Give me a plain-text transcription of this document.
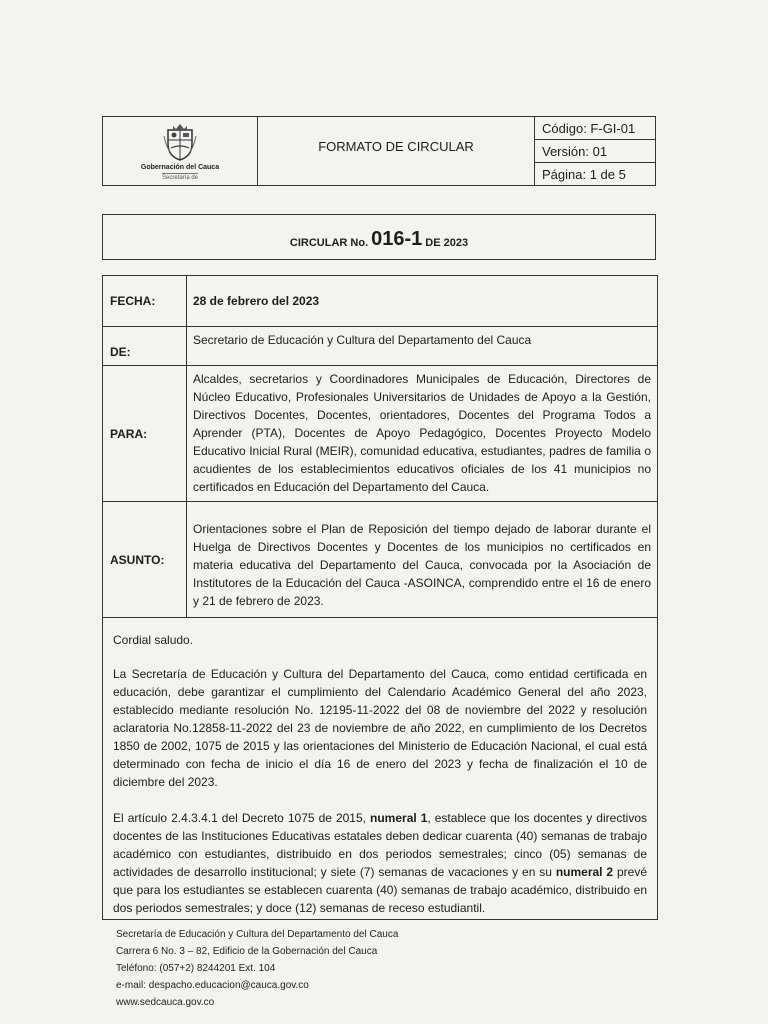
Gobernación del Cauca
Secretaría de
FORMATO DE CIRCULAR
Código: F-GI-01
Versión: 01
Página: 1 de 5
CIRCULAR No. 016-1 DE 2023
FECHA:	28 de febrero del 2023
DE:
Secretario de Educación y Cultura del Departamento del Cauca
PARA:
Alcaldes, secretarios y Coordinadores Municipales de Educación, Directores de Núcleo Educativo, Profesionales Universitarios de Unidades de Apoyo a la Gestión, Directivos Docentes, Docentes, orientadores, Docentes del Programa Todos a Aprender (PTA), Docentes de Apoyo Pedagógico, Docentes Proyecto Modelo Educativo Inicial Rural (MEIR), comunidad educativa, estudiantes, padres de familia o acudientes de los establecimientos educativos oficiales de los 41 municipios no certificados en Educación del Departamento del Cauca.
ASUNTO:
Orientaciones sobre el Plan de Reposición del tiempo dejado de laborar durante el Huelga de Directivos Docentes y Docentes de los municipios no certificados en materia educativa del Departamento del Cauca, convocada por la Asociación de Institutores de la Educación del Cauca -ASOINCA, comprendido entre el 16 de enero y 21 de febrero de 2023.

Cordial saludo.

La Secretaría de Educación y Cultura del Departamento del Cauca, como entidad certificada en educación, debe garantizar el cumplimiento del Calendario Académico General del año 2023, establecido mediante resolución No. 12195-11-2022 del 08 de noviembre del 2022 y resolución aclaratoria No.12858-11-2022 del 23 de noviembre de año 2022, en cumplimiento de los Decretos 1850 de 2002, 1075 de 2015 y las orientaciones del Ministerio de Educación Nacional, el cual está determinado con fecha de inicio el día 16 de enero del 2023 y fecha de finalización el 10 de diciembre del 2023.

El artículo 2.4.3.4.1 del Decreto 1075 de 2015, numeral 1, establece que los docentes y directivos docentes de las Instituciones Educativas estatales deben dedicar cuarenta (40) semanas de trabajo académico con estudiantes, distribuido en dos periodos semestrales; cinco (05) semanas de actividades de desarrollo institucional; y siete (7) semanas de vacaciones y en su numeral 2 prevé que para los estudiantes se establecen cuarenta (40) semanas de trabajo académico, distribuido en dos periodos semestrales; y doce (12) semanas de receso estudiantil.

Secretaría de Educación y Cultura del Departamento del Cauca
Carrera 6 No. 3 – 82, Edificio de la Gobernación del Cauca
Teléfono: (057+2) 8244201 Ext. 104
e-mail: despacho.educacion@cauca.gov.co
www.sedcauca.gov.co
